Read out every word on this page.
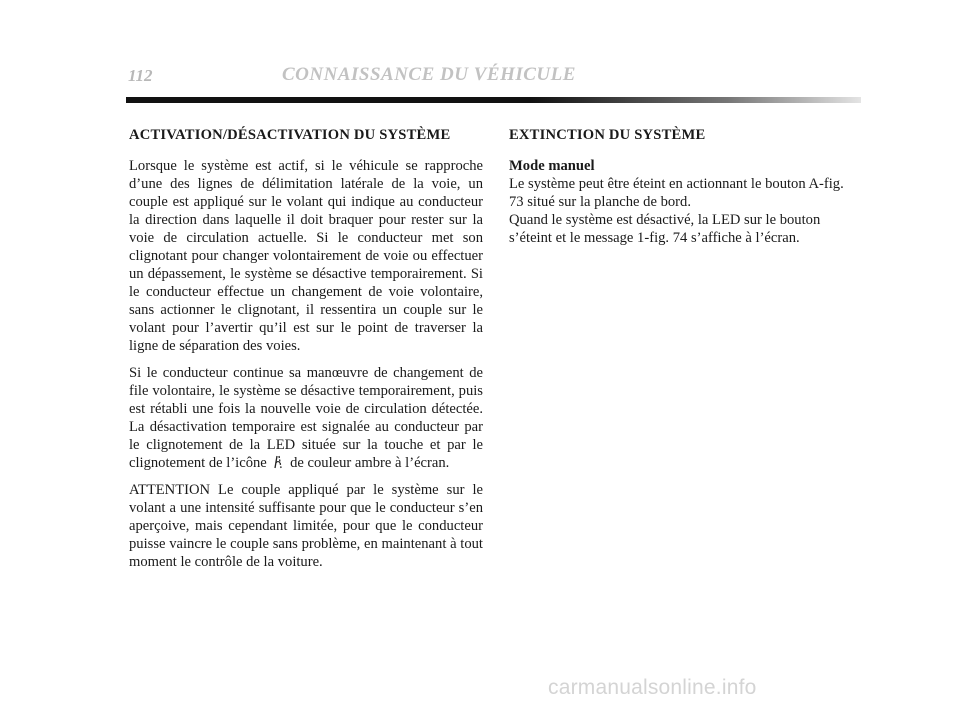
112	CONNAISSANCE DU VÉHICULE
ACTIVATION/DÉSACTIVATION DU SYSTÈME

Lorsque le système est actif, si le véhicule se rapproche d’une des lignes de délimitation latérale de la voie, un couple est appliqué sur le volant qui indique au conducteur la direction dans laquelle il doit braquer pour rester sur la voie de circulation actuelle. Si le conducteur met son clignotant pour changer volontairement de voie ou effectuer un dépassement, le système se désactive temporairement. Si le conducteur effectue un changement de voie volontaire, sans actionner le clignotant, il ressentira un couple sur le volant pour l’avertir qu’il est sur le point de traverser la ligne de séparation des voies.

Si le conducteur continue sa manœuvre de changement de file volontaire, le système se désactive temporairement, puis est rétabli une fois la nouvelle voie de circulation détectée. La désactivation temporaire est signalée au conducteur par le clignotement de la LED située sur la touche et par le clignotement de l’icône de couleur ambre à l’écran.

ATTENTION Le couple appliqué par le système sur le volant a une intensité suffisante pour que le conducteur s’en aperçoive, mais cependant limitée, pour que le conducteur puisse vaincre le couple sans problème, en maintenant à tout moment le contrôle de la voiture.

EXTINCTION DU SYSTÈME
Mode manuel

Le système peut être éteint en actionnant le bouton A-fig. 73 situé sur la planche de bord.

Quand le système est désactivé, la LED sur le bouton s’éteint et le message 1-fig. 74 s’affiche à l’écran.

carmanualsonline.info
